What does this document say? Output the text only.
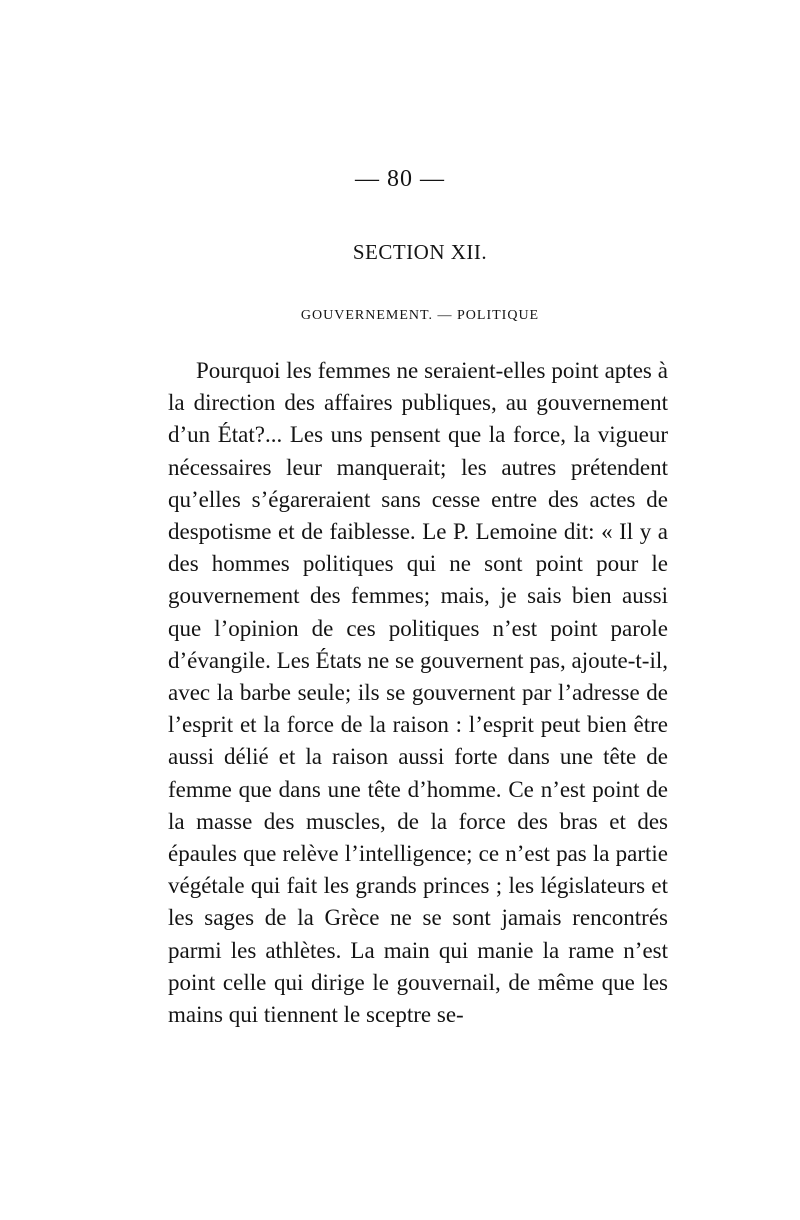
— 80 —
SECTION XII.
GOUVERNEMENT. — POLITIQUE

Pourquoi les femmes ne seraient-elles point aptes à la direction des affaires publiques, au gouvernement d’un État?... Les uns pensent que la force, la vigueur nécessaires leur manquerait; les autres prétendent qu’elles s’égareraient sans cesse entre des actes de despotisme et de faiblesse. Le P. Lemoine dit: « Il y a des hommes politiques qui ne sont point pour le gouvernement des femmes; mais, je sais bien aussi que l’opinion de ces politiques n’est point parole d’évangile. Les États ne se gouvernent pas, ajoute-t-il, avec la barbe seule; ils se gouvernent par l’adresse de l’esprit et la force de la raison : l’esprit peut bien être aussi délié et la raison aussi forte dans une tête de femme que dans une tête d’homme. Ce n’est point de la masse des muscles, de la force des bras et des épaules que relève l’intelligence; ce n’est pas la partie végétale qui fait les grands princes ; les législateurs et les sages de la Grèce ne se sont jamais rencontrés parmi les athlètes. La main qui manie la rame n’est point celle qui dirige le gouvernail, de même que les mains qui tiennent le sceptre se-
